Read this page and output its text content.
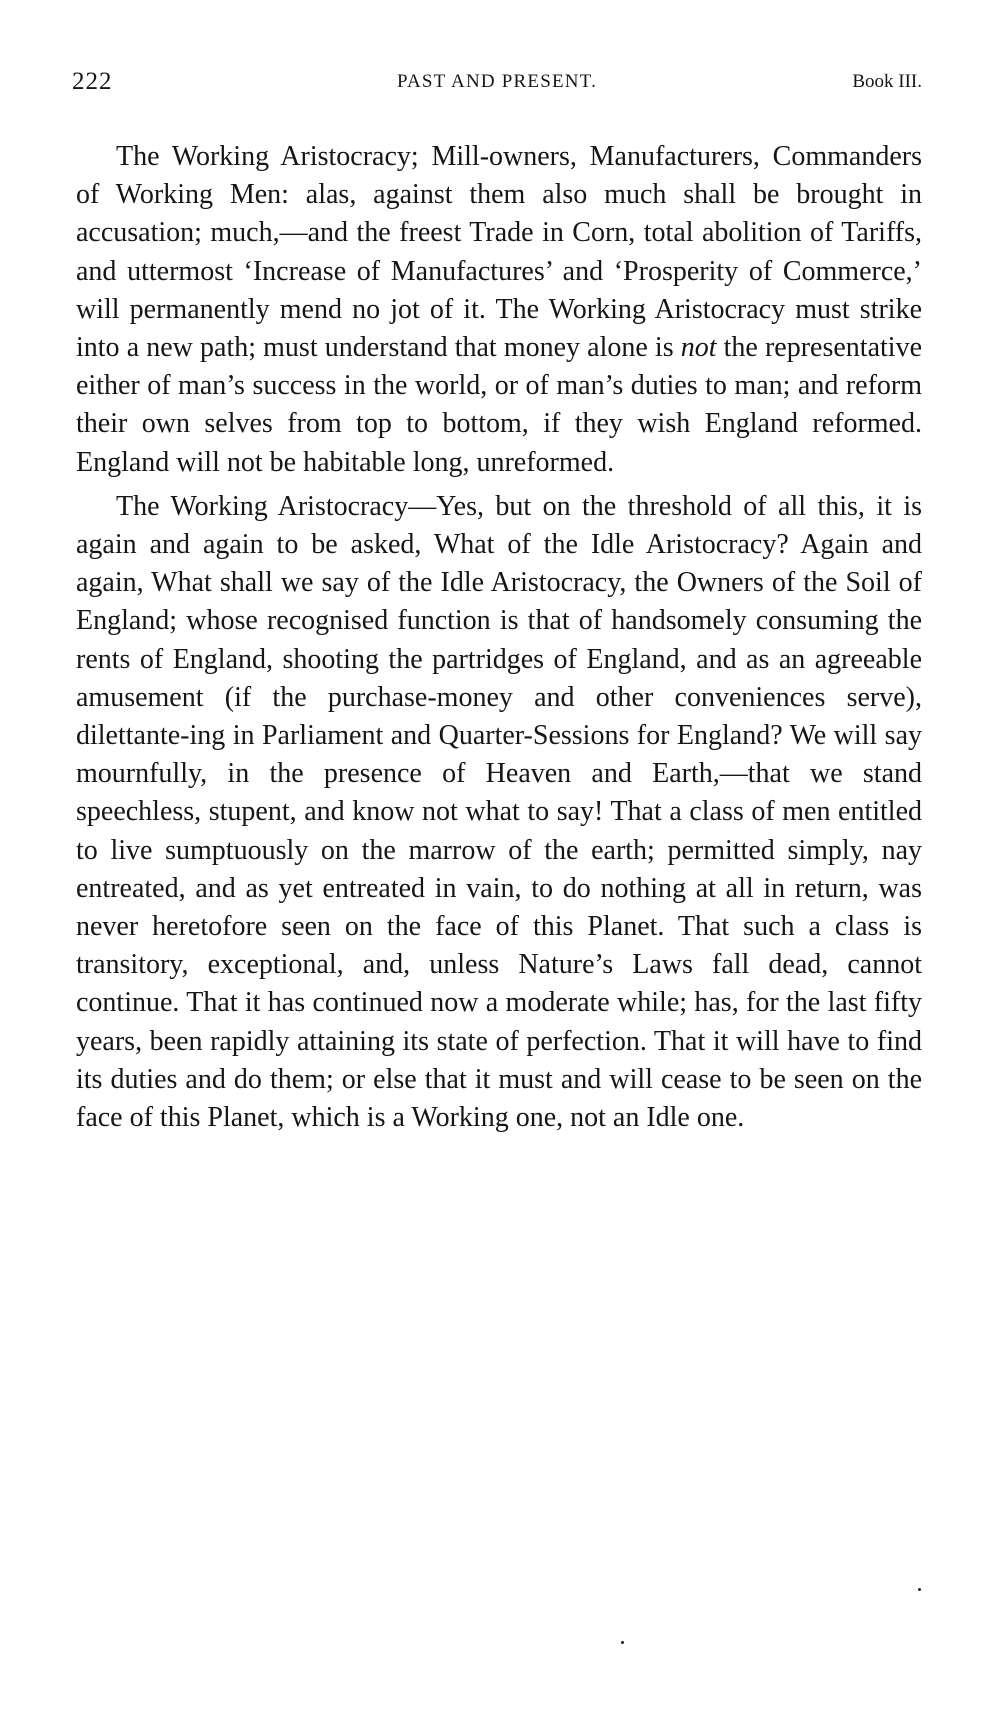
222	PAST AND PRESENT.	Book III.

The Working Aristocracy; Mill-owners, Manufacturers, Commanders of Working Men: alas, against them also much shall be brought in accusation; much,—and the freest Trade in Corn, total abolition of Tariffs, and uttermost ‘Increase of Manufactures’ and ‘Prosperity of Commerce,’ will permanently mend no jot of it. The Working Aristocracy must strike into a new path; must understand that money alone is not the representative either of man’s success in the world, or of man’s duties to man; and reform their own selves from top to bottom, if they wish England reformed. England will not be habitable long, unreformed.

The Working Aristocracy—Yes, but on the threshold of all this, it is again and again to be asked, What of the Idle Aristocracy? Again and again, What shall we say of the Idle Aristocracy, the Owners of the Soil of England; whose recognised function is that of handsomely consuming the rents of England, shooting the partridges of England, and as an agreeable amusement (if the purchase-money and other conveniences serve), dilettante-ing in Parliament and Quarter-Sessions for England? We will say mournfully, in the presence of Heaven and Earth,—that we stand speechless, stupent, and know not what to say! That a class of men entitled to live sumptuously on the marrow of the earth; permitted simply, nay entreated, and as yet entreated in vain, to do nothing at all in return, was never heretofore seen on the face of this Planet. That such a class is transitory, exceptional, and, unless Nature’s Laws fall dead, cannot continue. That it has continued now a moderate while; has, for the last fifty years, been rapidly attaining its state of perfection. That it will have to find its duties and do them; or else that it must and will cease to be seen on the face of this Planet, which is a Working one, not an Idle one.
